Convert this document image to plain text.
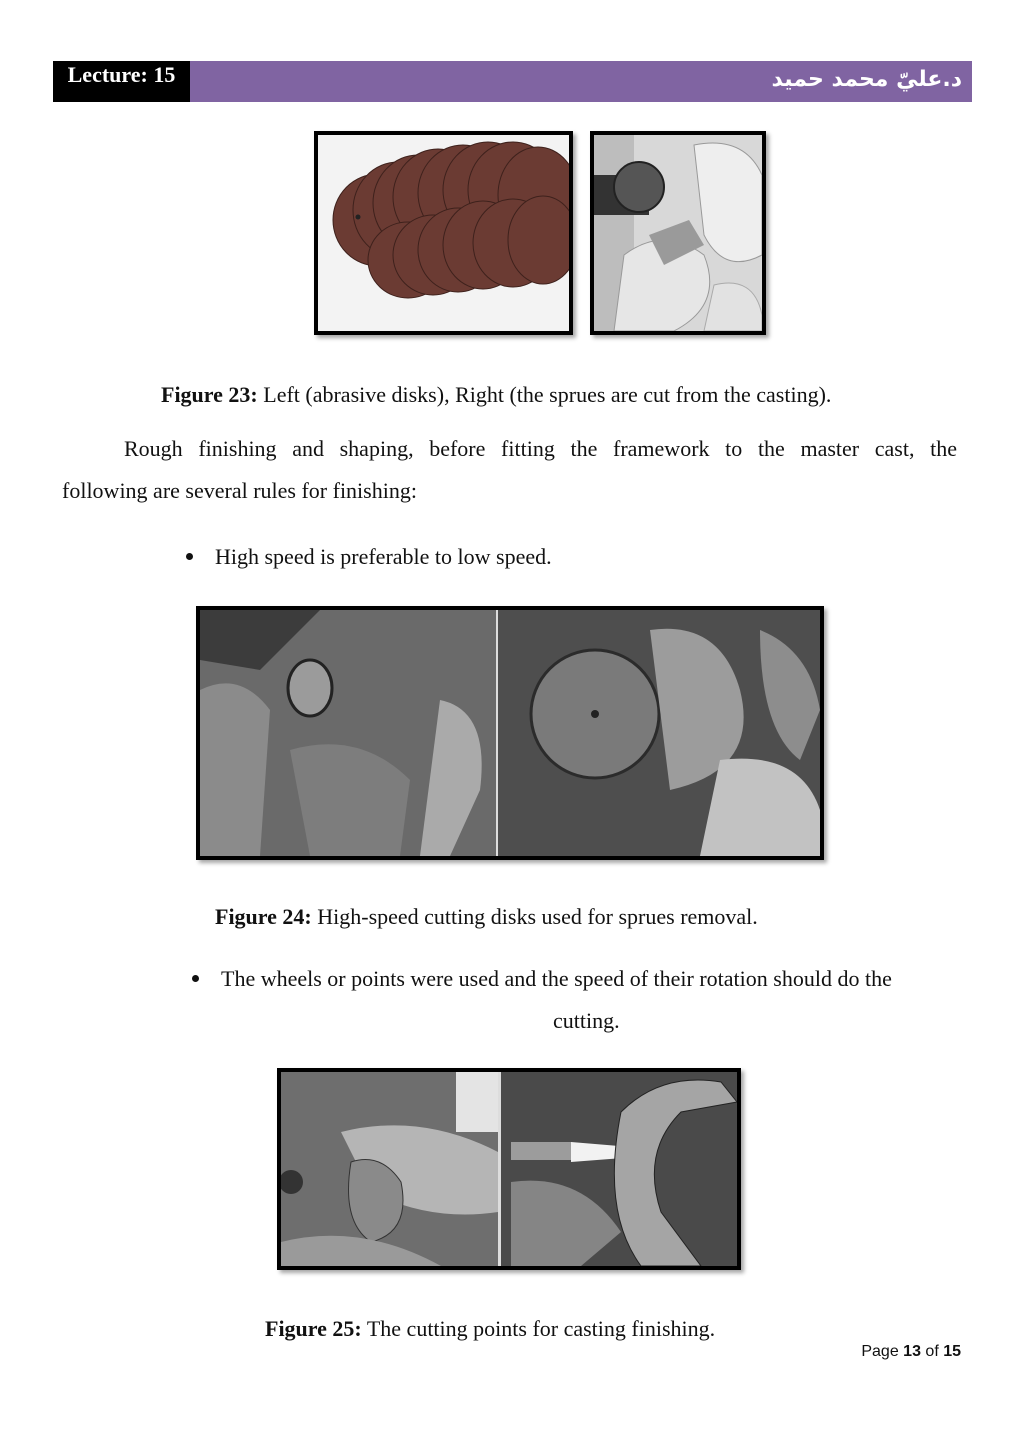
Lecture: 15	د.عليّ محمد حميد
Figure 23: Left (abrasive disks), Right (the sprues are cut from the casting).
Rough finishing and shaping, before fitting the framework to the master cast, the
following are several rules for finishing:
High speed is preferable to low speed.
Figure 24: High-speed cutting disks used for sprues removal.
The wheels or points were used and the speed of their rotation should do the
cutting.
Figure 25: The cutting points for casting finishing.
Page 13 of 15
